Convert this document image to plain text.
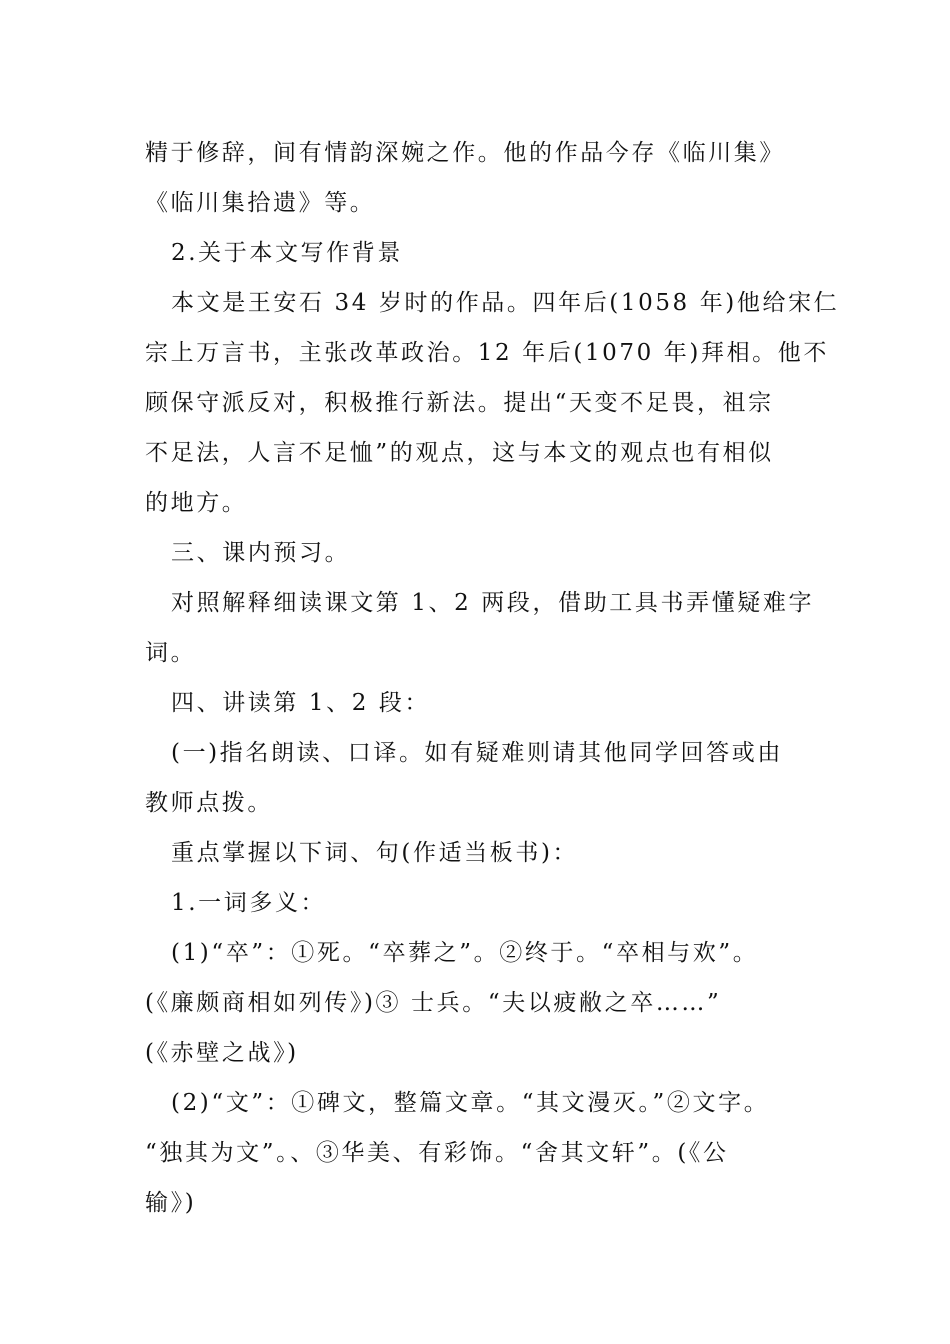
精于修辞，间有情韵深婉之作。他的作品今存《临川集》
《临川集拾遗》等。
2.关于本文写作背景
本文是王安石 34 岁时的作品。四年后(1058 年)他给宋仁
宗上万言书，主张改革政治。12 年后(1070 年)拜相。他不
顾保守派反对，积极推行新法。提出“天变不足畏，祖宗
不足法，人言不足恤”的观点，这与本文的观点也有相似
的地方。
三、课内预习。
对照解释细读课文第 1、2 两段，借助工具书弄懂疑难字
词。
四、讲读第 1、2 段：
(一)指名朗读、口译。如有疑难则请其他同学回答或由
教师点拨。
重点掌握以下词、句(作适当板书)：
1.一词多义：
(1)“卒”：①死。“卒葬之”。②终于。“卒相与欢”。
(《廉颇商相如列传》)③ 士兵。“夫以疲敝之卒……”
(《赤壁之战》)
(2)“文”：①碑文，整篇文章。“其文漫灭。”②文字。
“独其为文”。、③华美、有彩饰。“舍其文轩”。(《公
输》)
